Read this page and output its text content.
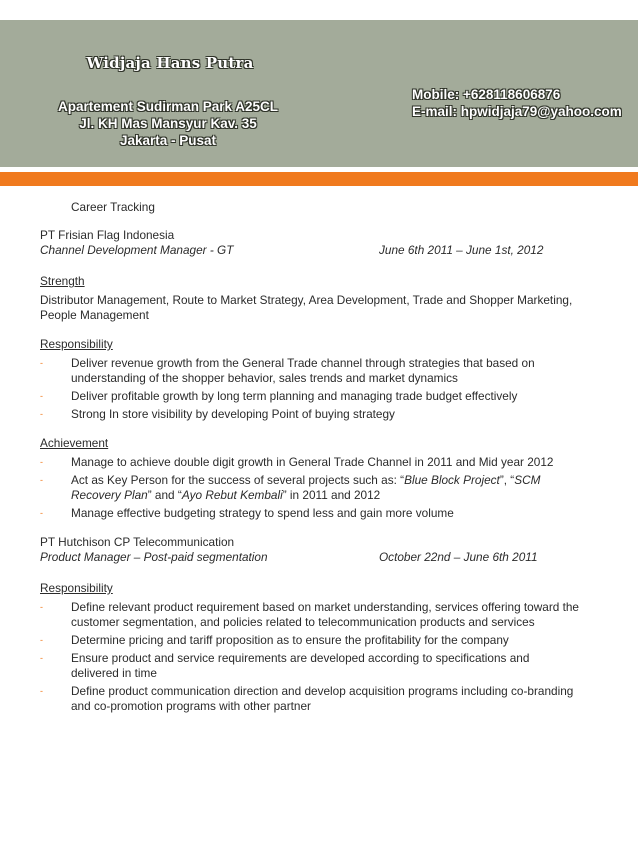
Widjaja Hans Putra
Apartement Sudirman Park A25CL
Jl. KH Mas Mansyur Kav. 35
Jakarta - Pusat
Mobile: +628118606876
E-mail: hpwidjaja79@yahoo.com
Career Tracking
PT Frisian Flag Indonesia
Channel Development Manager - GT	June 6th 2011 – June 1st, 2012
Strength
Distributor Management, Route to Market Strategy, Area Development, Trade and Shopper Marketing, People Management
Responsibility
- Deliver revenue growth from the General Trade channel through strategies that based on understanding of the shopper behavior, sales trends and market dynamics
- Deliver profitable growth by long term planning and managing trade budget effectively
- Strong In store visibility by developing Point of buying strategy
Achievement
- Manage to achieve double digit growth in General Trade Channel in 2011 and Mid year 2012
- Act as Key Person for the success of several projects such as: “Blue Block Project”, “SCM Recovery Plan” and “Ayo Rebut Kembali” in 2011 and 2012
- Manage effective budgeting strategy to spend less and gain more volume
PT Hutchison CP Telecommunication
Product Manager – Post-paid segmentation	October 22nd – June 6th 2011
Responsibility
- Define relevant product requirement based on market understanding, services offering toward the customer segmentation, and policies related to telecommunication products and services
- Determine pricing and tariff proposition as to ensure the profitability for the company
- Ensure product and service requirements are developed according to specifications and delivered in time
- Define product communication direction and develop acquisition programs including co-branding and co-promotion programs with other partner
